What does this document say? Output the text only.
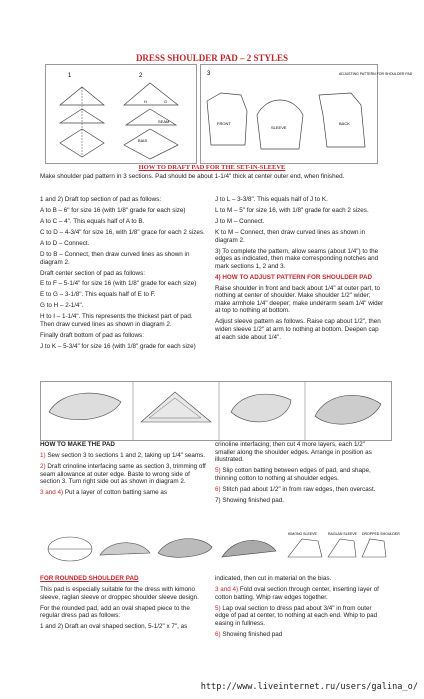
DRESS SHOULDER PAD – 2 STYLES
1	2
SEAM
BIAS
G
H
3	ADJUSTING PATTERN FOR SHOULDER PAD
FRONT
SLEEVE
BACK
HOW TO DRAFT PAD FOR THE SET-IN-SLEEVE
Make shoulder pad pattern in 3 sections. Pad should be about 1-1/4" thick at center outer end, when finished.

1 and 2) Draft top section of pad as follows:

A to B – 6" for size 16 (with 1/8" grade for each size)

A to C – 4". This equals half of A to B.

C to D – 4-3/4" for size 16, with 1/8" grace for each 2 sizes.

A to D – Connect.

D to B – Connect, then draw curved lines as shown in diagram 2.

Draft center section of pad as follows:

E to F – 5-1/4" for size 16 (with 1/8" grade for each size)

E to G – 3-1/8". This equals half of E to F.

G to H – 2-1/4".

H to I – 1-1/4". This represents the thickest part of pad. Then draw curved lines as shown in diagram 2.

Finally draft bottom of pad as follows:

J to K – 5-3/4" for size 16 (with 1/8" grade for each size)

J to L – 3-3/8". This equals half of J to K.

L to M – 5" for size 16, with 1/8" grade for each 2 sizes.

J to M – Connect.

K to M – Connect, then draw curved lines as shown in diagram 2.

3) To complete the pattern, allow seams (about 1/4") to the edges as indicated, then make corresponding notches and mark sections 1, 2 and 3.

4) HOW TO ADJUST PATTERN FOR SHOULDER PAD

Raise shoulder in front and back about 1/4" at outer part, to nothing at center of shoulder. Make shoulder 1/2" wider; make armhole 1/4" deeper; make underarm seam 1/4" wider at top to nothing at bottom.

Adjust sleeve pattern as follows. Raise cap about 1/2", then widen sleeve 1/2" at arm to nothing at bottom. Deepen cap at each side about 1/4".

HOW TO MAKE THE PAD

1) Sew section 3 to sections 1 and 2, taking up 1/4" seams.

2) Draft crinoline interfacing same as section 3, trimming off seam allowance at outer edge. Baste to wrong side of section 3. Turn right side out as shown in diagram 2.

3 and 4) Put a layer of cotton batting same as

crinoline interfacing; then cut 4 more layers, each 1/2" smaller along the shoulder edges. Arrange in position as illustrated.

5) Slip cotton batting between edges of pad, and shape, thinning cotton to nothing at shoulder edges.

6) Stitch pad about 1/2" in from raw edges, then overcast.

7) Showing finished pad.

KIMONO SLEEVE	RAGLAN SLEEVE DROPPED SHOULDER

FOR ROUNDED SHOULDER PAD

This pad is especially suitable for the dress with kimono sleeve, raglan sleeve or droppec shoulder sleeve design.

For the rounded pad, add an oval shaped piece to the regular dress pad as follows:

1 and 2) Draft an oval shaped section, 5-1/2" x 7", as

indicated, then cut in material on the bias.

3 and 4) Fold oval section through center, inserting layer of cotton batting. Whip raw edges together.

5) Lap oval section to dress pad about 3/4" in from outer edge of pad at center, to nothing at each end. Whip to pad easing in fullness.

6) Showing finished pad

http://www.liveinternet.ru/users/galina_o/
